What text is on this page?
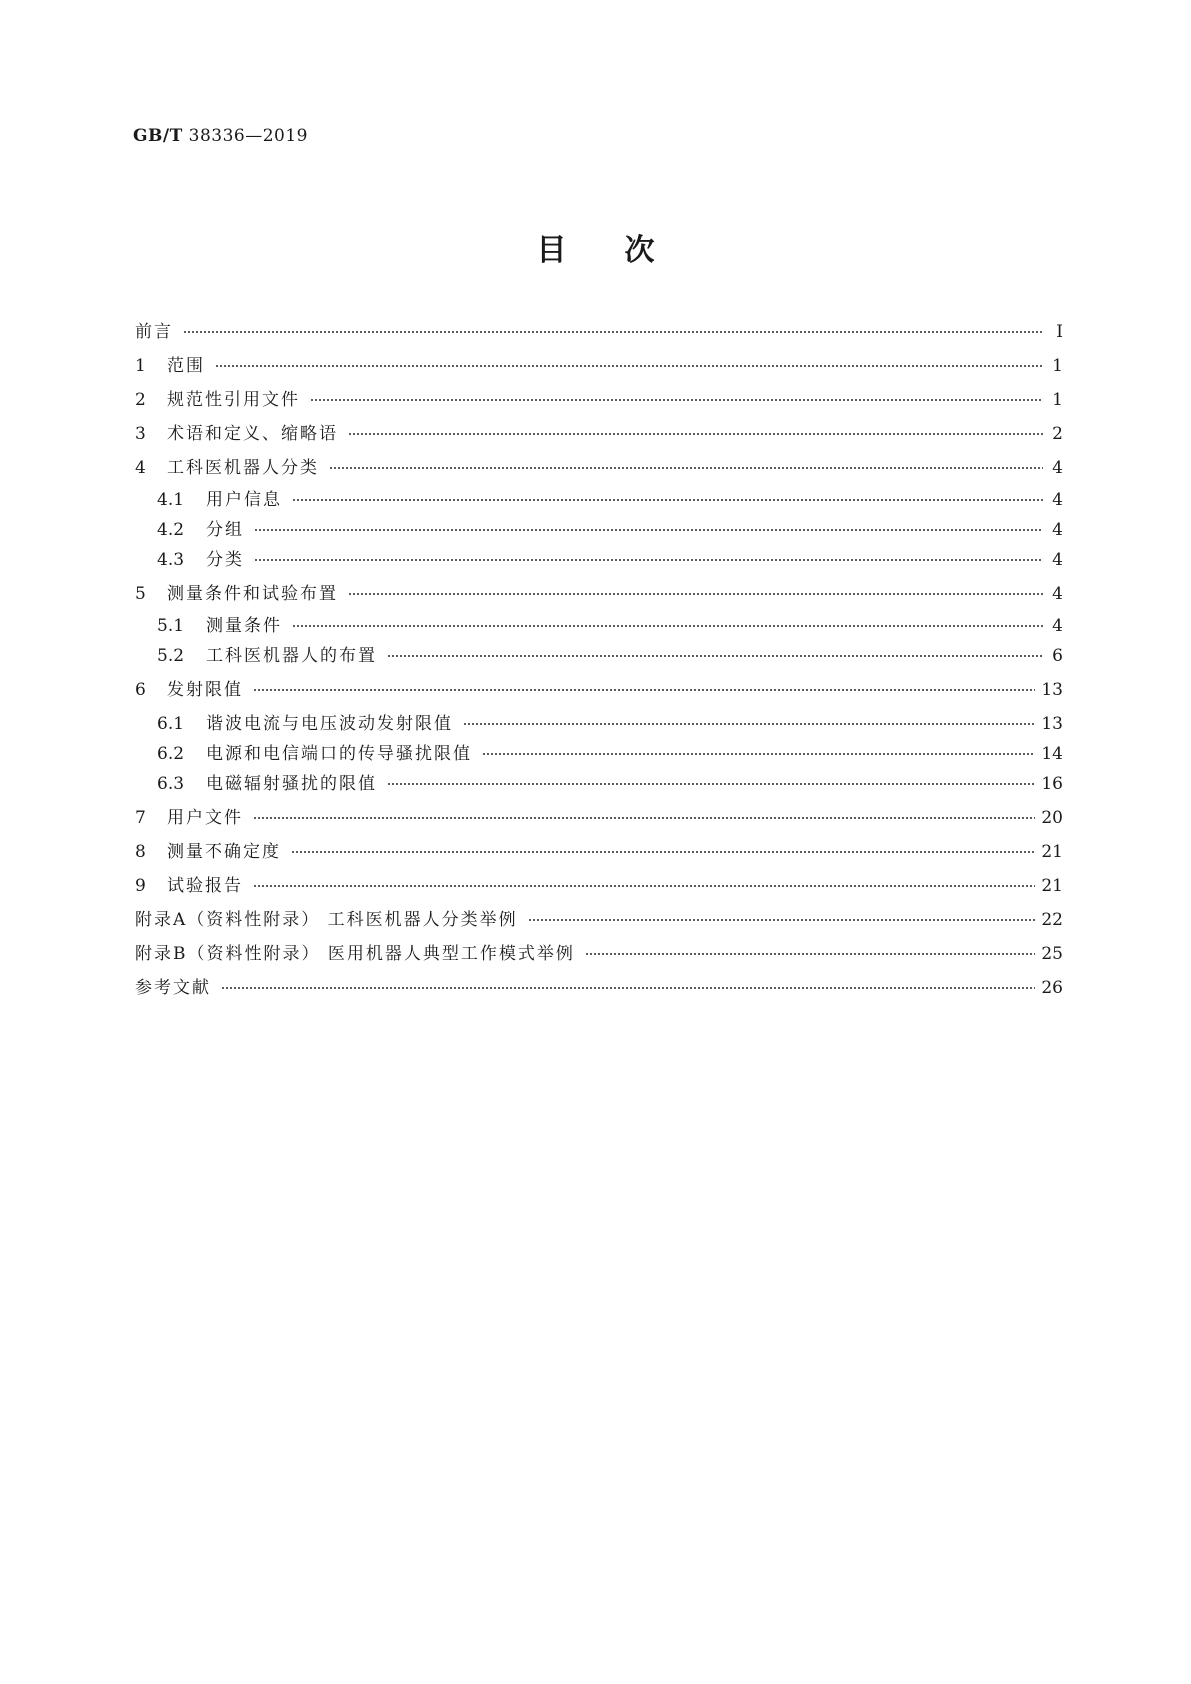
GB/T 38336—2019
目次
前言	Ⅰ
1	范围	1
2	规范性引用文件	1
3	术语和定义、缩略语	2
4	工科医机器人分类	4
4.1	用户信息	4
4.2	分组	4
4.3	分类	4
5	测量条件和试验布置	4
5.1	测量条件	4
5.2	工科医机器人的布置	6
6	发射限值	13
6.1	谐波电流与电压波动发射限值	13
6.2	电源和电信端口的传导骚扰限值	14
6.3	电磁辐射骚扰的限值	16
7	用户文件	20
8	测量不确定度	21
9	试验报告	21
附录A（资料性附录） 工科医机器人分类举例	22
附录B（资料性附录） 医用机器人典型工作模式举例	25
参考文献	26
